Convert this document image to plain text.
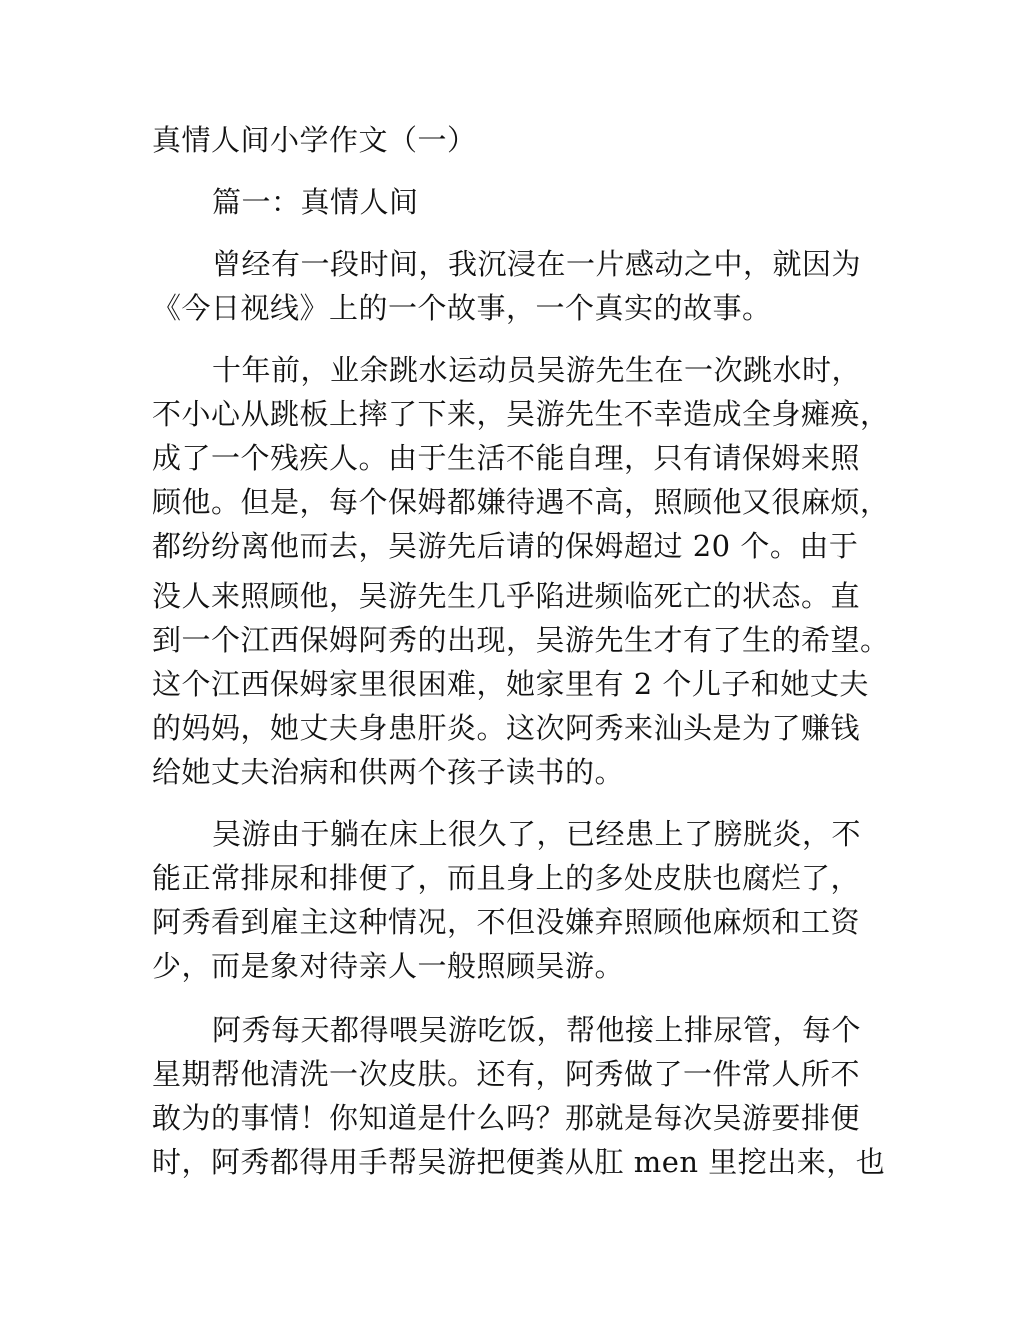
真情人间小学作文（一）
篇一：真情人间
曾经有一段时间，我沉浸在一片感动之中，就因为
《今日视线》上的一个故事，一个真实的故事。
十年前，业余跳水运动员吴游先生在一次跳水时，
不小心从跳板上摔了下来，吴游先生不幸造成全身瘫痪，
成了一个残疾人。由于生活不能自理，只有请保姆来照
顾他。但是，每个保姆都嫌待遇不高，照顾他又很麻烦，
都纷纷离他而去，吴游先后请的保姆超过 20 个。由于
没人来照顾他，吴游先生几乎陷进频临死亡的状态。直
到一个江西保姆阿秀的出现，吴游先生才有了生的希望。
这个江西保姆家里很困难，她家里有 2 个儿子和她丈夫
的妈妈，她丈夫身患肝炎。这次阿秀来汕头是为了赚钱
给她丈夫治病和供两个孩子读书的。
吴游由于躺在床上很久了，已经患上了膀胱炎，不
能正常排尿和排便了，而且身上的多处皮肤也腐烂了，
阿秀看到雇主这种情况，不但没嫌弃照顾他麻烦和工资
少，而是象对待亲人一般照顾吴游。
阿秀每天都得喂吴游吃饭，帮他接上排尿管，每个
星期帮他清洗一次皮肤。还有，阿秀做了一件常人所不
敢为的事情！你知道是什么吗？那就是每次吴游要排便
时，阿秀都得用手帮吴游把便粪从肛 men 里挖出来，也
